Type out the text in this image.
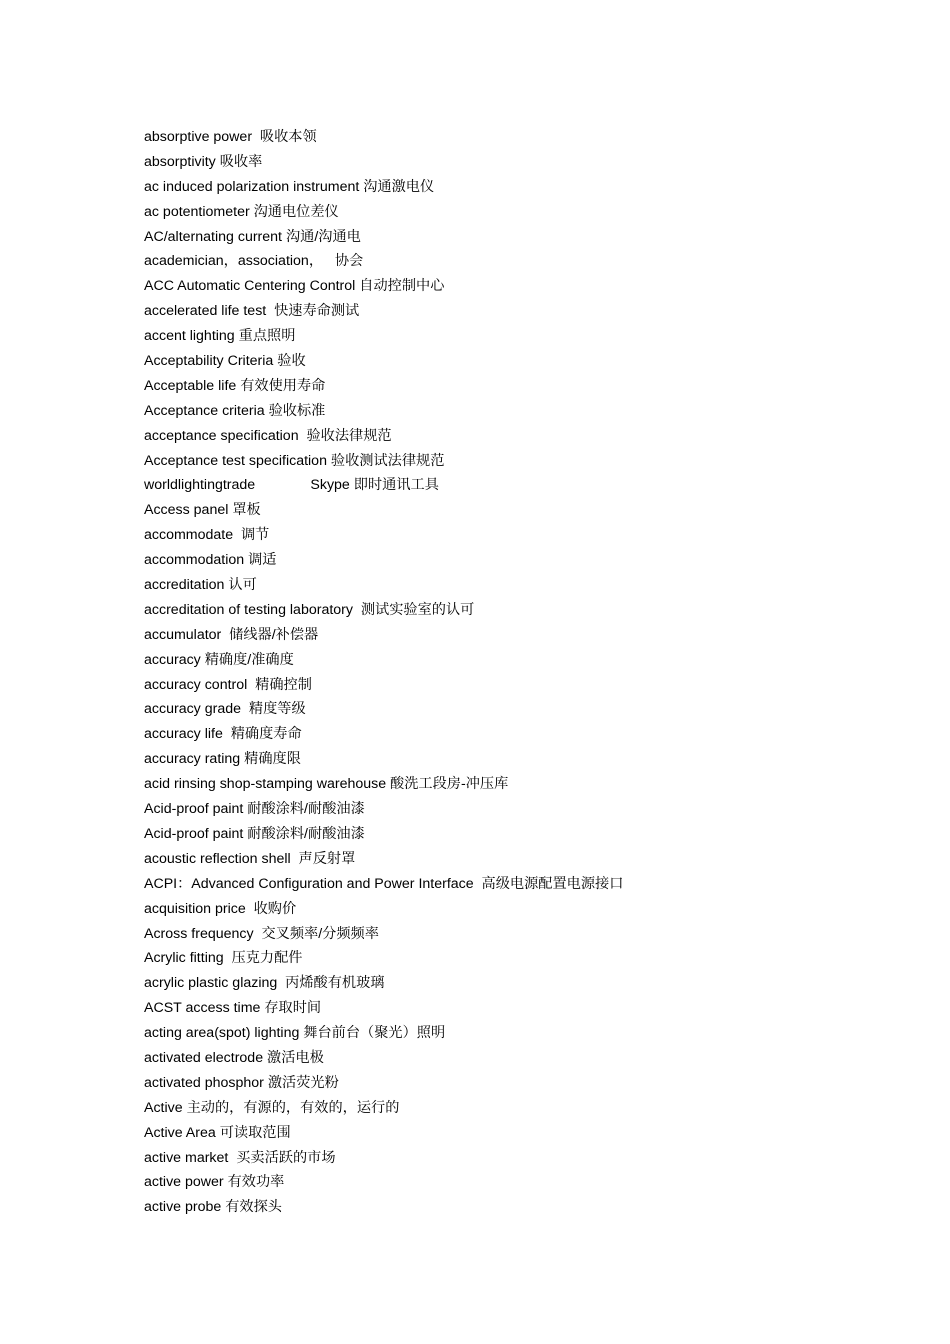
absorptive power  吸收本领
absorptivity 吸收率
ac induced polarization instrument 沟通激电仪
ac potentiometer 沟通电位差仪
AC/alternating current 沟通/沟通电
academician，association，   协会
ACC Automatic Centering Control 自动控制中心
accelerated life test  快速寿命测试
accent lighting 重点照明
Acceptability Criteria 验收
Acceptable life 有效使用寿命
Acceptance criteria 验收标准
acceptance specification  验收法律规范
Acceptance test specification 验收测试法律规范
worldlightingtrade              Skype 即时通讯工具
Access panel 罩板
accommodate  调节
accommodation 调适
accreditation 认可
accreditation of testing laboratory  测试实验室的认可
accumulator  储线器/补偿器
accuracy 精确度/准确度
accuracy control  精确控制
accuracy grade  精度等级
accuracy life  精确度寿命
accuracy rating 精确度限
acid rinsing shop-stamping warehouse 酸洗工段房-冲压库
Acid-proof paint 耐酸涂料/耐酸油漆
Acid-proof paint 耐酸涂料/耐酸油漆
acoustic reflection shell  声反射罩
ACPI：Advanced Configuration and Power Interface  高级电源配置电源接口
acquisition price  收购价
Across frequency  交叉频率/分频频率
Acrylic fitting  压克力配件
acrylic plastic glazing  丙烯酸有机玻璃
ACST access time 存取时间
acting area(spot) lighting 舞台前台（聚光）照明
activated electrode 激活电极
activated phosphor 激活荧光粉
Active 主动的，有源的，有效的，运行的
Active Area 可读取范围
active market  买卖活跃的市场
active power 有效功率
active probe 有效探头
